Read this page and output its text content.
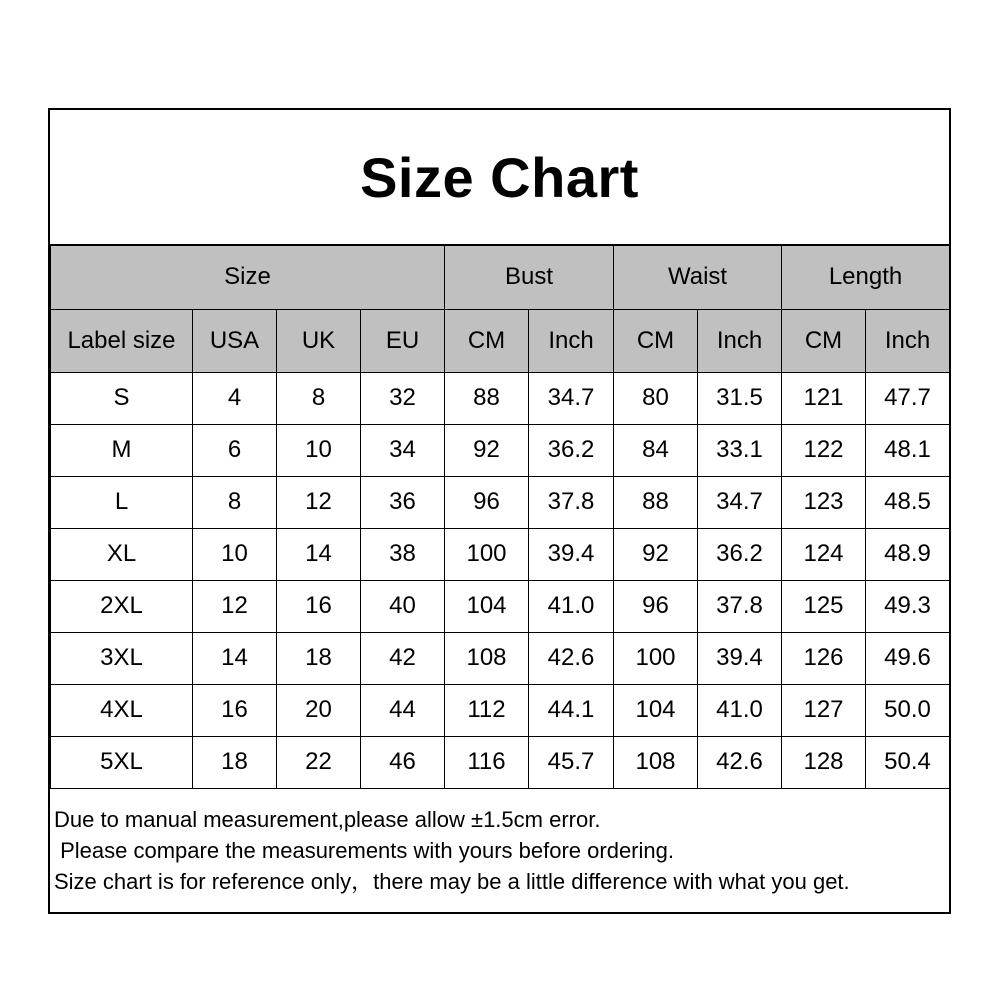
Size Chart
Size				Bust		Waist		Length	
Label size	USA	UK	EU	CM	Inch	CM	Inch	CM	Inch
S	4	8	32	88	34.7	80	31.5	121	47.7
M	6	10	34	92	36.2	84	33.1	122	48.1
L	8	12	36	96	37.8	88	34.7	123	48.5
XL	10	14	38	100	39.4	92	36.2	124	48.9
2XL	12	16	40	104	41.0	96	37.8	125	49.3
3XL	14	18	42	108	42.6	100	39.4	126	49.6
4XL	16	20	44	112	44.1	104	41.0	127	50.0
5XL	18	22	46	116	45.7	108	42.6	128	50.4
Due to manual measurement,please allow ±1.5cm error.
Please compare the measurements with yours before ordering.
Size chart is for reference only，there may be a little difference with what you get.
